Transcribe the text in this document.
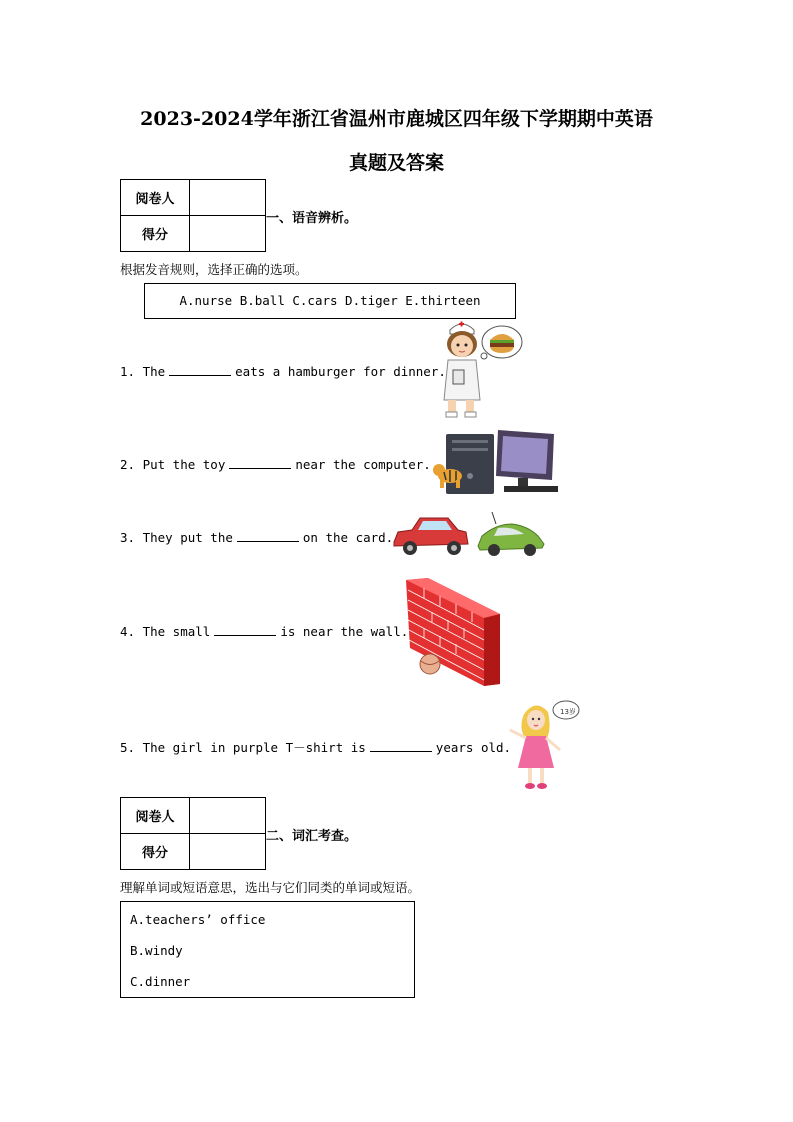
2023-2024学年浙江省温州市鹿城区四年级下学期期中英语
真题及答案
阅卷人	
得分	
一、语音辨析。
根据发音规则，选择正确的选项。
A.nurse B.ball C.cars D.tiger E.thirteen
1. The	eats a hamburger for dinner.
2. Put the toy	near the computer.
3. They put the	on the card.
4. The small	is near the wall.
5. The girl in purple T－shirt is	years old.
13岁
阅卷人	
得分	
二、词汇考查。
理解单词或短语意思，选出与它们同类的单词或短语。
A.teachers’ office
B.windy
C.dinner
